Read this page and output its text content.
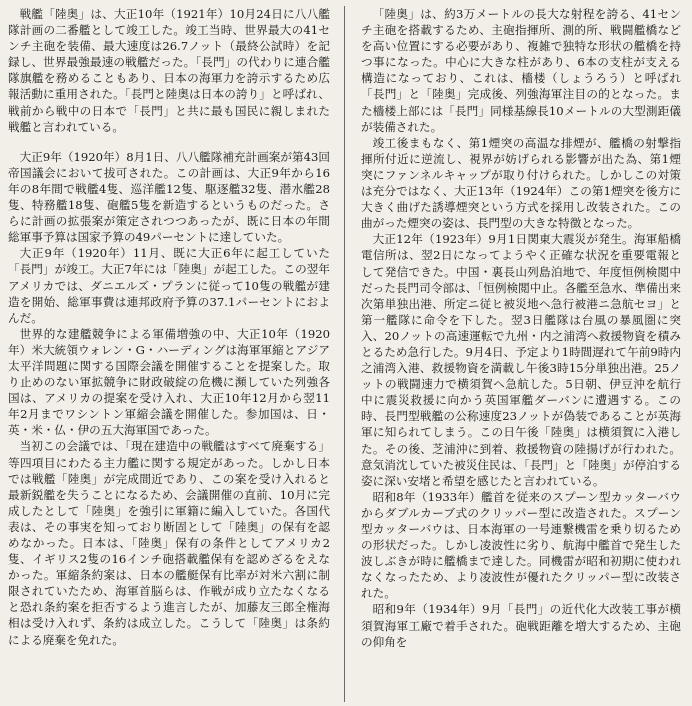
戦艦「陸奥」は、大正10年（1921年）10月24日に八八艦隊計画の二番艦として竣工した。竣工当時、世界最大の41センチ主砲を装備、最大速度は26.7ノット（最終公試時）を記録し、世界最強最速の戦艦だった。「長門」の代わりに連合艦隊旗艦を務めることもあり、日本の海軍力を誇示するため広報活動に重用された。「長門と陸奥は日本の誇り」と呼ばれ、戦前から戦中の日本で「長門」と共に最も国民に親しまれた戦艦と言われている。

大正9年（1920年）8月1日、八八艦隊補充計画案が第43回帝国議会において拔可された。この計画は、大正9年から16年の8年間で戦艦4隻、巡洋艦12隻、駆逐艦32隻、潜水艦28隻、特務艦18隻、砲艦5隻を新造するというものだった。さらに計画の拡張案が策定されつつあったが、既に日本の年間総軍事予算は国家予算の49パーセントに達していた。

大正9年（1920年）11月、既に大正6年に起工していた「長門」が竣工。大正7年には「陸奥」が起工した。この翌年アメリカでは、ダニエルズ・プランに従って10隻の戦艦が建造を開始、総軍事費は連邦政府予算の37.1パーセントにおよんだ。

世界的な建艦競争による軍備増強の中、大正10年（1920年）米大統領ウォレン・G・ハーディングは海軍軍縮とアジア太平洋問題に関する国際会議を開催することを提案した。取り止めのない軍拡競争に財政破綻の危機に瀕していた列強各国は、アメリカの提案を受け入れ、大正10年12月から翌11年2月までワシントン軍縮会議を開催した。参加国は、日・英・米・仏・伊の五大海軍国であった。

当初この会議では、「現在建造中の戦艦はすべて廃棄する」等四項目にわたる主力艦に関する規定があった。しかし日本では戦艦「陸奥」が完成間近であり、この案を受け入れると最新鋭艦を失うことになるため、会議開催の直前、10月に完成したとして「陸奥」を強引に軍籍に編入していた。各国代表は、その事実を知っており断固として「陸奥」の保有を認めなかった。日本は、「陸奥」保有の条件としてアメリカ2隻、イギリス2隻の16インチ砲搭載艦保有を認めざるをえなかった。軍縮条約案は、日本の艦艇保有比率が対米六割に制限されていたため、海軍首脳らは、作戦が成り立たなくなると恐れ条約案を拒否するよう進言したが、加藤友三郎全権海相は受け入れず、条約は成立した。こうして「陸奥」は条約による廃棄を免れた。

「陸奥」は、約3万メートルの長大な射程を誇る、41センチ主砲を搭載するため、主砲指揮所、測的所、戦闘艦橋などを高い位置にする必要があり、複雑で独特な形状の艦橋を持つ事になった。中心に大きな柱があり、6本の支柱が支える構造になっており、これは、檣楼（しょうろう）と呼ばれ「長門」と「陸奥」完成後、列強海軍注目の的となった。また檣楼上部には「長門」同様基線長10メートルの大型測距儀が装備された。

竣工後まもなく、第1煙突の高温な排煙が、艦橋の射撃指揮所付近に逆流し、視界が妨げられる影響が出た為、第1煙突にファンネルキャップが取り付けられた。しかしこの対策は充分ではなく、大正13年（1924年）この第1煙突を後方に大きく曲げた誘導煙突という方式を採用し改装された。この曲がった煙突の姿は、長門型の大きな特徴となった。

大正12年（1923年）9月1日関東大震災が発生。海軍船橋電信所は、翌2日になってようやく正確な状況を重要電報として発信できた。中国・裏長山列島泊地で、年度恒例検閲中だった長門司令部は、「恒例検閲中止。各艦至急水、準備出来次第単独出港、所定ニ従ヒ被災地ヘ急行被港ニ急航セヨ」と第一艦隊に命令を下した。翌3日艦隊は台風の暴風圏に突入、20ノットの高速運転で九州・内之浦湾へ救援物資を積みとるため急行した。9月4日、予定より1時間遅れて午前9時内之浦湾入港、救援物資を満載し午後3時15分単独出港。25ノットの戦闘速力で横須賀へ急航した。5日朝、伊豆沖を航行中に震災救援に向かう英国軍艦ダーバンに遭遇する。この時、長門型戦艦の公称速度23ノットが偽装であることが英海軍に知られてしまう。この日午後「陸奥」は横須賀に入港した。その後、芝浦沖に到着、救援物資の陸揚げが行われた。意気消沈していた被災住民は、「長門」と「陸奥」が停泊する姿に深い安堵と希望を感じたと言われている。

昭和8年（1933年）艦首を従来のスプーン型カッターバウからダブルカーブ式のクリッパー型に改造された。スプーン型カッターバウは、日本海軍の一号連繋機雷を乗り切るための形状だった。しかし凌波性に劣り、航海中艦首で発生した波しぶきが時に艦橋まで達した。同機雷が昭和初期に使われなくなったため、より凌波性が優れたクリッパー型に改装された。

昭和9年（1934年）9月「長門」の近代化大改装工事が横須賀海軍工廠で着手された。砲戦距離を増大するため、主砲の仰角を
